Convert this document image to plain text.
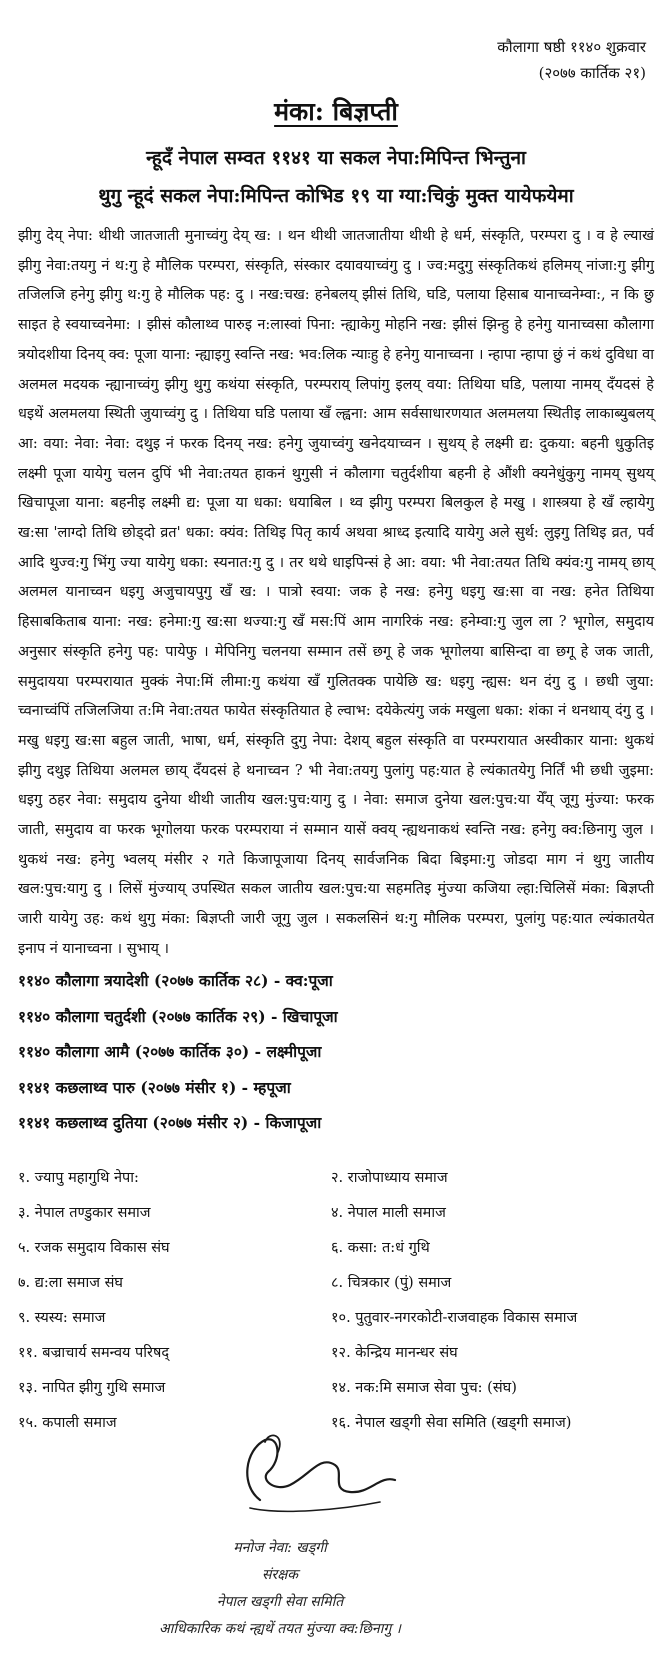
कौलागा षष्ठी ११४० शुक्रवार
(२०७७ कार्तिक २१)
मंका: बिज्ञप्ती
न्हूदँ नेपाल सम्वत ११४१ या सकल नेपा:मिपिन्त भिन्तुना
थुगु न्हूदं सकल नेपा:मिपिन्त कोभिड १९ या ग्या:चिकुं मुक्त यायेफयेमा
झीगु देय् नेपा: थीथी जातजाती मुनाच्वंगु देय् ख: । थन थीथी जातजातीया थीथी हे धर्म, संस्कृति, परम्परा दु । व हे ल्याखं झीगु नेवा:तयगु नं थ:गु हे मौलिक परम्परा, संस्कृति, संस्कार दयावयाच्वंगु दु । ज्व:मदुगु संस्कृतिकथं हलिमय् नांजा:गु झीगु तजिलजि हनेगु झीगु थ:गु हे मौलिक पह: दु । नख:चख: हनेबलय् झीसं तिथि, घडि, पलाया हिसाब यानाच्वनेम्वा:, न कि छु साइत हे स्वयाच्वनेमा: । झीसं कौलाथ्व पारुइ न:लास्वां पिना: न्ह्याकेगु मोहनि नख: झीसं झिन्हु हे हनेगु यानाच्वसा कौलागा त्रयोदशीया दिनय् क्व: पूजा याना: न्ह्याइगु स्वन्ति नख: भव:लिक न्याःहु हे हनेगु यानाच्वना । न्हापा न्हापा छुं नं कथं दुविधा वा अलमल मदयक न्ह्यानाच्वंगु झीगु थुगु कथंया संस्कृति, परम्पराय् लिपांगु इलय् वया: तिथिया घडि, पलाया नामय् दँयदसं हे धइथें अलमलया स्थिती जुयाच्वंगु दु । तिथिया घडि पलाया खँ ल्ह्वना: आम सर्वसाधारणयात अलमलया स्थितीइ लाकाब्युबलय् आ: वया: नेवा: नेवा: दथुइ नं फरक दिनय् नख: हनेगु जुयाच्वंगु खनेदयाच्वन । सुथय् हे लक्ष्मी द्य: दुकया: बहनी धुकुतिइ लक्ष्मी पूजा यायेगु चलन दुपिं भी नेवा:तयत हाकनं थुगुसी नं कौलागा चतुर्दशीया बहनी हे औंशी क्यनेधुंकुगु नामय् सुथय् खिचापूजा याना: बहनीइ लक्ष्मी द्य: पूजा या धका: धयाबिल । थ्व झीगु परम्परा बिलकुल हे मखु । शास्त्रया हे खँ ल्हायेगु ख:सा 'लाग्दो तिथि छोड्दो व्रत' धका: क्यंव: तिथिइ पितृ कार्य अथवा श्राध्द इत्यादि यायेगु अले सुर्थ: लुइगु तिथिइ व्रत, पर्व आदि थुज्व:गु भिंगु ज्या यायेगु धका: स्यनात:गु दु । तर थथे धाइपिन्सं हे आ: वया: भी नेवा:तयत तिथि क्यंव:गु नामय् छाय् अलमल यानाच्वन धइगु अजुचायपुगु खँ ख: । पात्रो स्वया: जक हे नख: हनेगु धइगु ख:सा वा नख: हनेत तिथिया हिसाबकिताब याना: नख: हनेमा:गु ख:सा थज्या:गु खँ मस:पिं आम नागरिकं नख: हनेम्वा:गु जुल ला ? भूगोल, समुदाय अनुसार संस्कृति हनेगु पह: पायेफु । मेपिनिगु चलनया सम्मान तसें छगू हे जक भूगोलया बासिन्दा वा छगू हे जक जाती, समुदायया परम्परायात मुक्कं नेपा:मिं लीमा:गु कथंया खँ गुलितक्क पायेछि ख: धइगु न्ह्यस: थन दंगु दु । छधी जुया: च्वनाच्वंपिं तजिलजिया त:मि नेवा:तयत फायेत संस्कृतियात हे ल्वाभ: दयेकेत्यंगु जकं मखुला धका: शंका नं थनथाय् दंगु दु । मखु धइगु ख:सा बहुल जाती, भाषा, धर्म, संस्कृति दुगु नेपा: देशय् बहुल संस्कृति वा परम्परायात अस्वीकार याना: थुकथं झीगु दथुइ तिथिया अलमल छाय् दँयदसं हे थनाच्वन ? भी नेवा:तयगु पुलांगु पह:यात हे ल्यंकातयेगु निर्तिं भी छधी जुइमा: धइगु ठहर नेवा: समुदाय दुनेया थीथी जातीय खल:पुच:यागु दु । नेवा: समाज दुनेया खल:पुच:या येँय् जूगु मुंज्या: फरक जाती, समुदाय वा फरक भूगोलया फरक परम्पराया नं सम्मान यासें क्वय् न्ह्यथनाकथं स्वन्ति नख: हनेगु क्व:छिनागु जुल । थुकथं नख: हनेगु भ्वलय् मंसीर २ गते किजापूजाया दिनय् सार्वजनिक बिदा बिइमा:गु जोडदा माग नं थुगु जातीय खल:पुच:यागु दु । लिसें मुंज्याय् उपस्थित सकल जातीय खल:पुच:या सहमतिइ मुंज्या कजिया ल्हा:चिलिसें मंका: बिज्ञप्ती जारी यायेगु उह: कथं थुगु मंका: बिज्ञप्ती जारी जूगु जुल । सकलसिनं थ:गु मौलिक परम्परा, पुलांगु पह:यात ल्यंकातयेत इनाप नं यानाच्वना । सुभाय् ।
११४० कौलागा त्रयादेशी (२०७७ कार्तिक २८) - क्व:पूजा
११४० कौलागा चतुर्दशी (२०७७ कार्तिक २९) - खिचापूजा
११४० कौलागा आमै (२०७७ कार्तिक ३०) - लक्ष्मीपूजा
११४१ कछलाथ्व पारु (२०७७ मंसीर १) - म्हपूजा
११४१ कछलाथ्व दुतिया (२०७७ मंसीर २) - किजापूजा
१. ज्यापु महागुथि नेपा:	२. राजोपाध्याय समाज
३. नेपाल तण्डुकार समाज	४. नेपाल माली समाज
५. रजक समुदाय विकास संघ	६. कसा: त:धं गुथि
७. द्य:ला समाज संघ	८. चित्रकार (पुं) समाज
९. स्यस्य: समाज	१०. पुतुवार-नगरकोटी-राजवाहक विकास समाज
११. बज्राचार्य समन्वय परिषद्	१२. केन्द्रिय मानन्धर संघ
१३. नापित झीगु गुथि समाज	१४. नक:मि समाज सेवा पुच: (संघ)
१५. कपाली समाज	१६. नेपाल खड्गी सेवा समिति (खड्गी समाज)
मनोज नेवा: खड्गी
संरक्षक
नेपाल खड्गी सेवा समिति
आधिकारिक कथं न्ह्यथें तयत मुंज्या क्व:छिनागु ।
